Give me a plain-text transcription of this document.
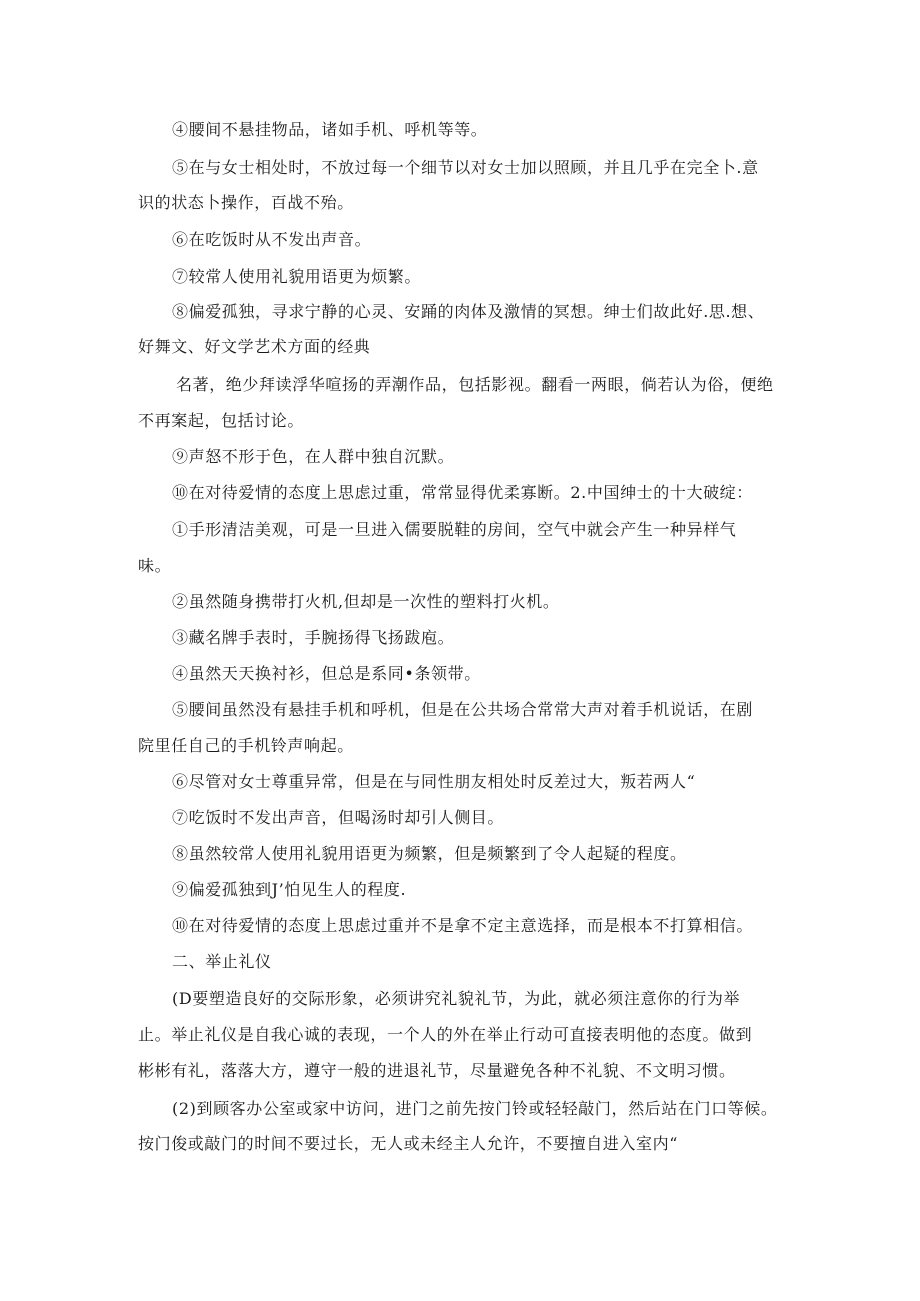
④腰间不悬挂物品，诸如手机、呼机等等。
⑤在与女士相处时，不放过每一个细节以对女士加以照顾，并且几乎在完全卜.意
识的状态卜操作，百战不殆。
⑥在吃饭时从不发出声音。
⑦较常人使用礼貌用语更为烦繁。
⑧偏爱孤独，寻求宁静的心灵、安踊的肉体及激情的冥想。绅士们故此好.思.想、
好舞文、好文学艺术方面的经典
名著，绝少拜读浮华喧扬的弄潮作品，包括影视。翻看一两眼，倘若认为俗，便绝
不再案起，包括讨论。
⑨声怒不形于色，在人群中独自沉默。
⑩在对待爱情的态度上思虑过重，常常显得优柔寡断。2.中国绅士的十大破绽：
①手形清洁美观，可是一旦进入儒要脱鞋的房间，空气中就会产生一种异样气
味。
②虽然随身携带打火机,但却是一次性的塑料打火机。
③藏名牌手表时，手腕扬得飞扬跋庖。
④虽然天天换衬衫，但总是系同•条领带。
⑤腰间虽然没有悬挂手机和呼机，但是在公共场合常常大声对着手机说话，在剧
院里任自己的手机铃声响起。
⑥尽管对女士尊重异常，但是在与同性朋友相处时反差过大，叛若两人“
⑦吃饭时不发出声音，但喝汤时却引人侧目。
⑧虽然较常人使用礼貌用语更为频繁，但是频繁到了令人起疑的程度。
⑨偏爱孤独到J’怕见生人的程度.
⑩在对待爱情的态度上思虑过重并不是拿不定主意选择，而是根本不打算相信。
二、举止礼仪
(D要塑造良好的交际形象，必须讲究礼貌礼节，为此，就必须注意你的行为举
止。举止礼仪是自我心诚的表现，一个人的外在举止行动可直接表明他的态度。做到
彬彬有礼，落落大方，遵守一般的进退礼节，尽量避免各种不礼貌、不文明习惯。
(2)到顾客办公室或家中访问，进门之前先按门铃或轻轻敲门，然后站在门口等候。
按门俊或敲门的时间不要过长，无人或未经主人允许，不要擅自进入室内“
